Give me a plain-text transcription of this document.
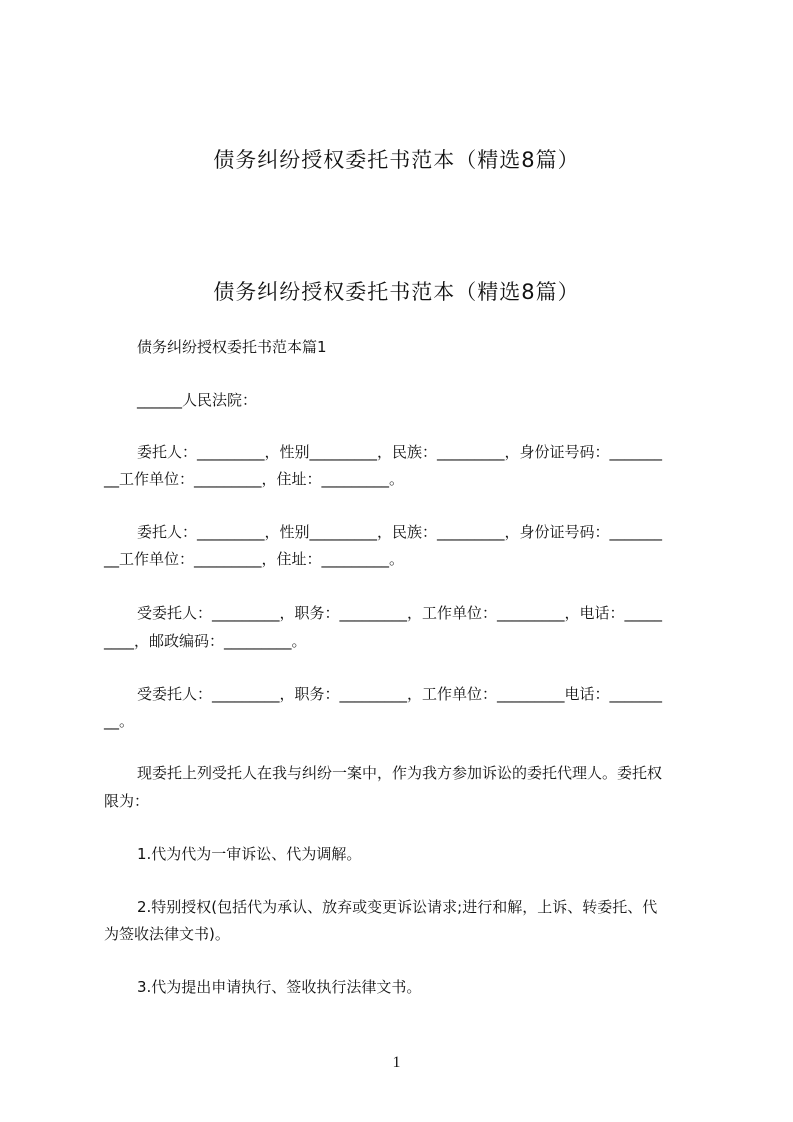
债务纠纷授权委托书范本（精选8篇）
债务纠纷授权委托书范本（精选8篇）
债务纠纷授权委托书范本篇1
______人民法院：
委托人：_________，性别_________，民族：_________，身份证号码：_______
__工作单位：_________，住址：_________。
委托人：_________，性别_________，民族：_________，身份证号码：_______
__工作单位：_________，住址：_________。
受委托人：_________，职务：_________，工作单位：_________，电话：_____
____，邮政编码：_________。
受委托人：_________，职务：_________，工作单位：_________电话：_______
__。
现委托上列受托人在我与纠纷一案中，作为我方参加诉讼的委托代理人。委托权
限为：
1.代为代为一审诉讼、代为调解。
2.特别授权(包括代为承认、放弃或变更诉讼请求;进行和解，上诉、转委托、代
为签收法律文书)。
3.代为提出申请执行、签收执行法律文书。
1
